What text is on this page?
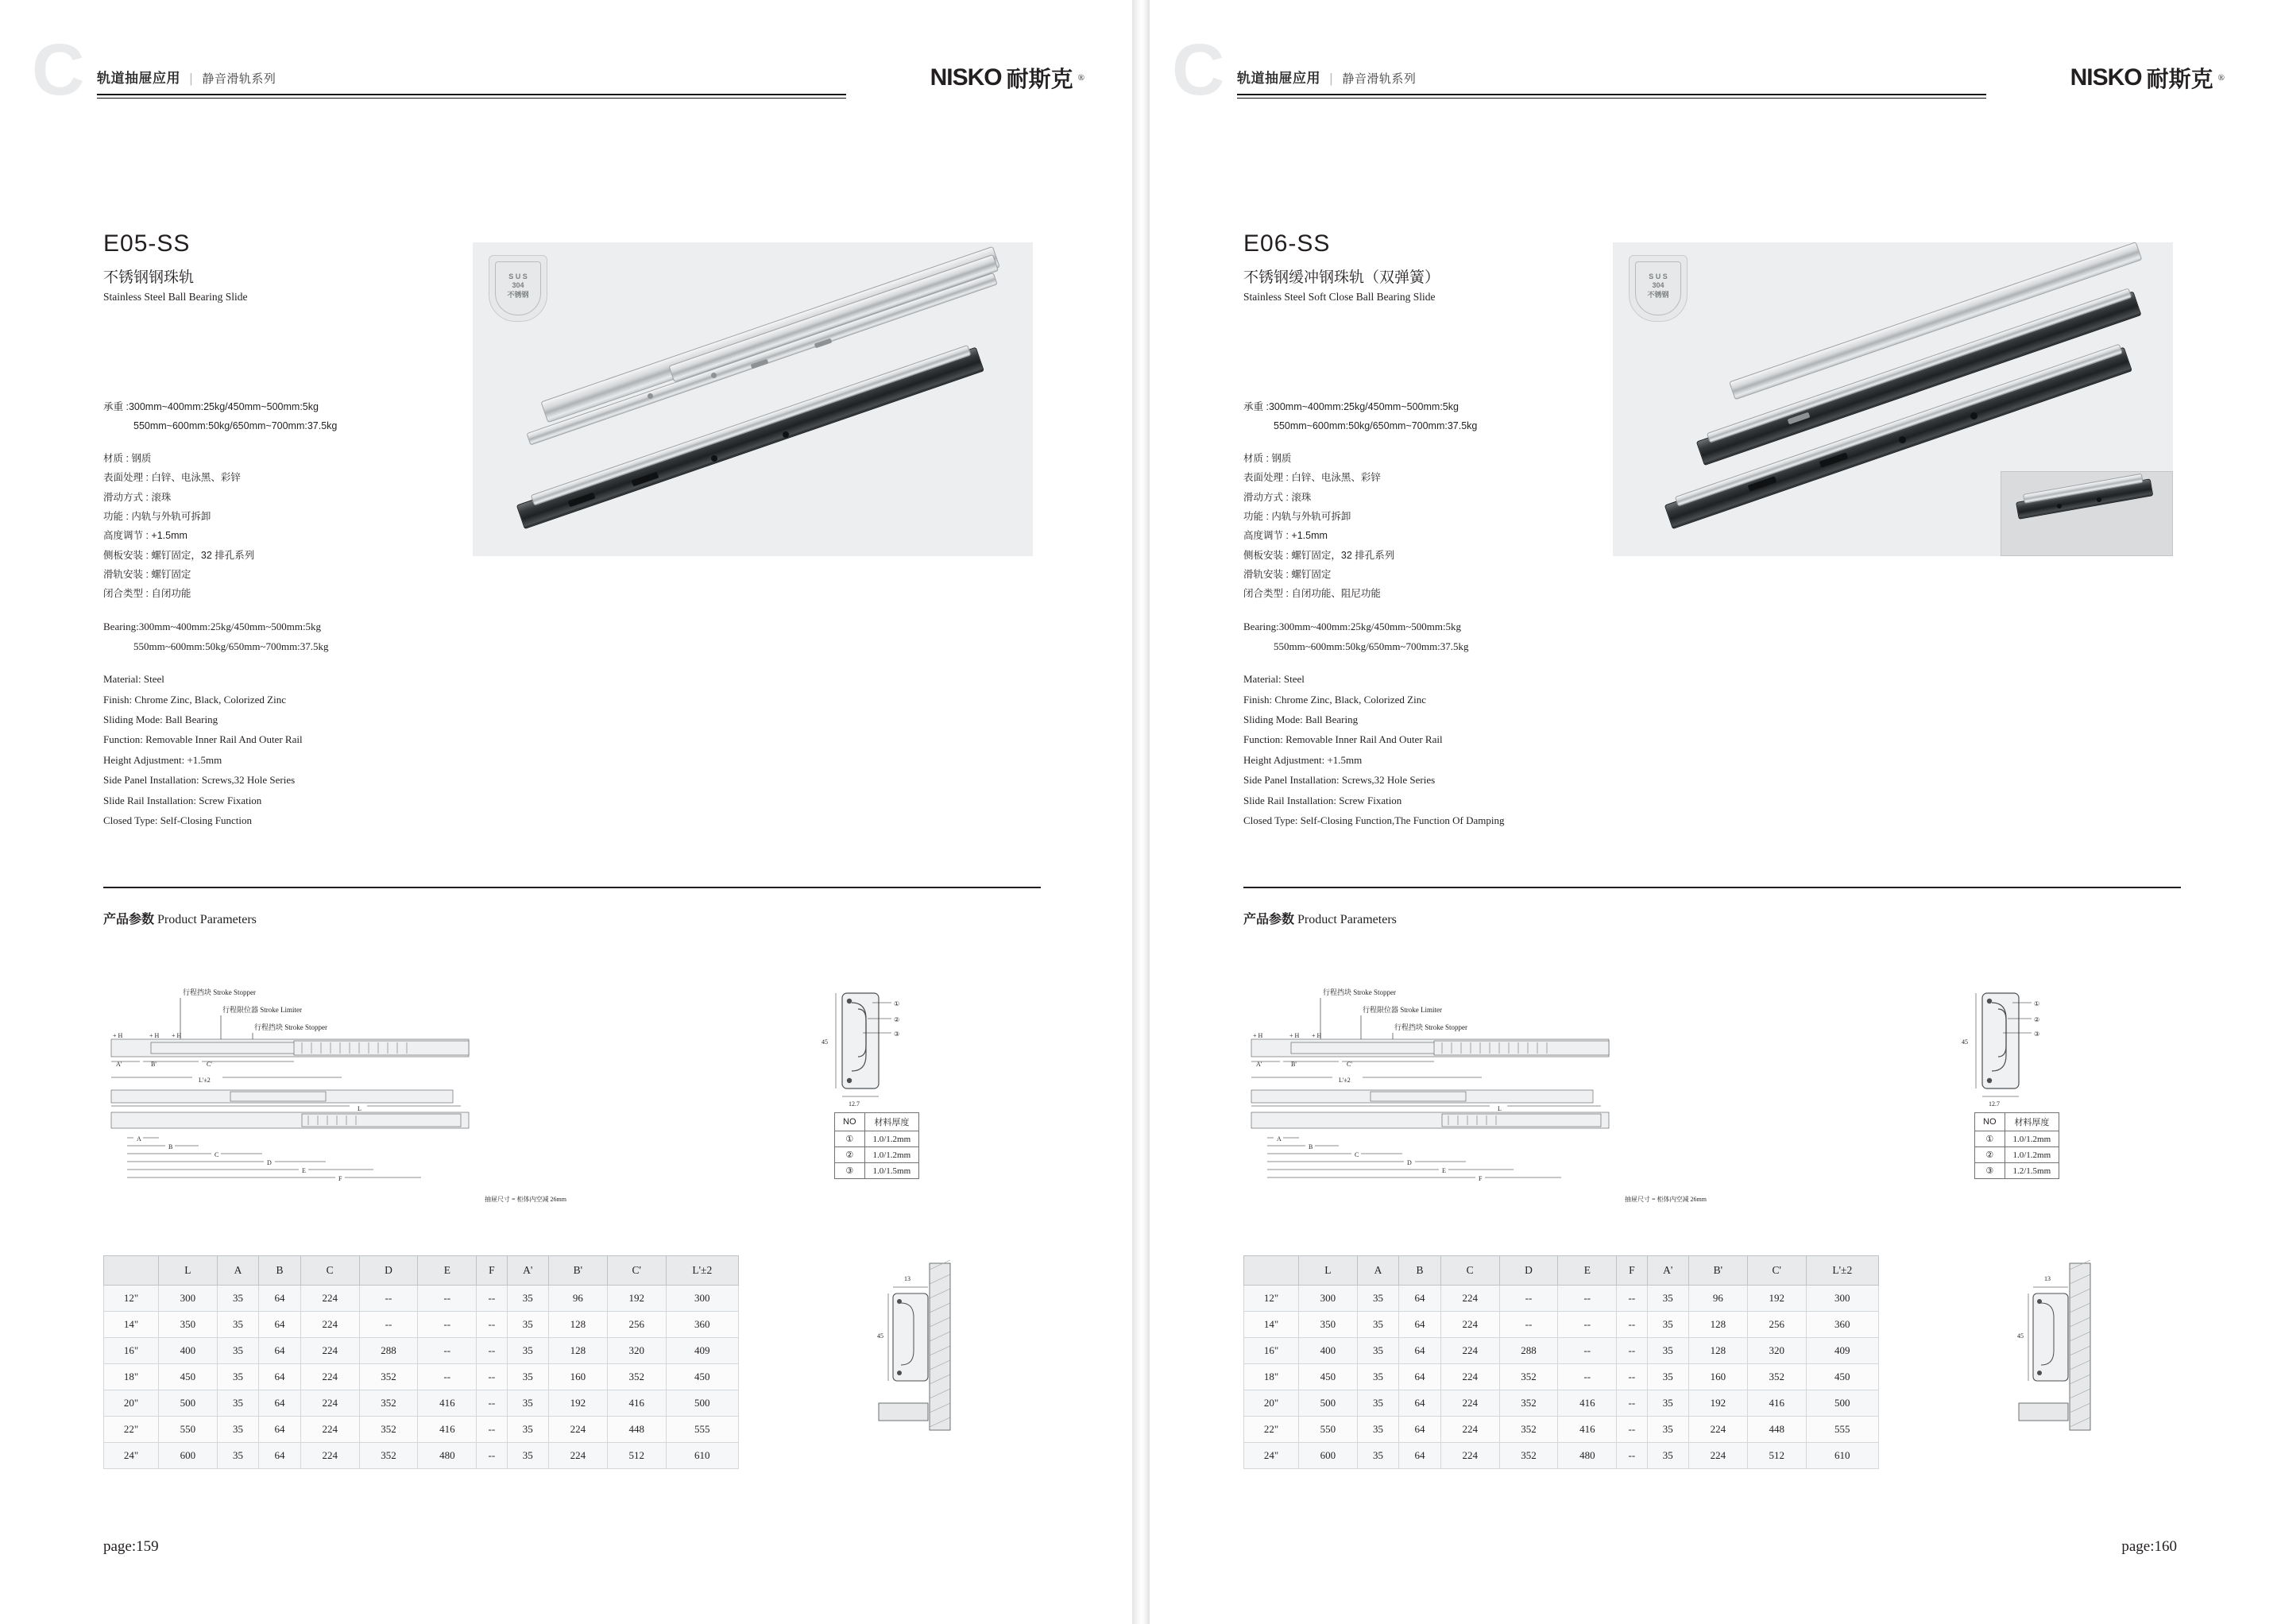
C 轨道抽屉应用 | 静音滑轨系列	NISKO 耐斯克 ®
E05-SS
不锈钢钢珠轨
Stainless Steel Ball Bearing Slide
承重 :300mm~400mm:25kg/450mm~500mm:5kg
550mm~600mm:50kg/650mm~700mm:37.5kg
材质 : 钢质
表面处理 : 白锌、电泳黑、彩锌
滑动方式 : 滚珠
功能 : 内轨与外轨可拆卸
高度调节 : +1.5mm
侧板安装 : 螺钉固定，32 排孔系列
滑轨安装 : 螺钉固定
闭合类型 : 自闭功能
Bearing:300mm~400mm:25kg/450mm~500mm:5kg
550mm~600mm:50kg/650mm~700mm:37.5kg
Material: Steel
Finish: Chrome Zinc, Black, Colorized Zinc
Sliding Mode: Ball Bearing
Function: Removable Inner Rail And Outer Rail
Height Adjustment: +1.5mm
Side Panel Installation: Screws,32 Hole Series
Slide Rail Installation: Screw Fixation
Closed Type: Self-Closing Function
S U S
304
不锈钢
产品参数 Product Parameters
行程挡块 Stroke Stopper
行程限位器 Stroke Limiter
行程挡块 Stroke Stopper
+ H	+ H + H
A'	B'	C'
L'±2
L
A
B
C
D
E
F
抽屉尺寸 = 柜体内空减 26mm
①
②
③
45
12.7
NO	材料厚度
①	1.0/1.2mm
②	1.0/1.2mm
③	1.0/1.5mm
13
45
	L	A	B	C	D	E	F	A'	B'	C'	L'±2
12"	300	35	64	224	--	--	--	35	96	192	300
14"	350	35	64	224	--	--	--	35	128	256	360
16"	400	35	64	224	288	--	--	35	128	320	409
18"	450	35	64	224	352	--	--	35	160	352	450
20"	500	35	64	224	352	416	--	35	192	416	500
22"	550	35	64	224	352	416	--	35	224	448	555
24"	600	35	64	224	352	480	--	35	224	512	610
page:159
C 轨道抽屉应用 | 静音滑轨系列	NISKO 耐斯克 ®
E06-SS
不锈钢缓冲钢珠轨（双弹簧）
Stainless Steel Soft Close Ball Bearing Slide
承重 :300mm~400mm:25kg/450mm~500mm:5kg
550mm~600mm:50kg/650mm~700mm:37.5kg
材质 : 钢质
表面处理 : 白锌、电泳黑、彩锌
滑动方式 : 滚珠
功能 : 内轨与外轨可拆卸
高度调节 : +1.5mm
侧板安装 : 螺钉固定，32 排孔系列
滑轨安装 : 螺钉固定
闭合类型 : 自闭功能、阻尼功能
Bearing:300mm~400mm:25kg/450mm~500mm:5kg
550mm~600mm:50kg/650mm~700mm:37.5kg
Material: Steel
Finish: Chrome Zinc, Black, Colorized Zinc
Sliding Mode: Ball Bearing
Function: Removable Inner Rail And Outer Rail
Height Adjustment: +1.5mm
Side Panel Installation: Screws,32 Hole Series
Slide Rail Installation: Screw Fixation
Closed Type: Self-Closing Function,The Function Of Damping
S U S
304
不锈钢
产品参数 Product Parameters
行程挡块 Stroke Stopper
行程限位器 Stroke Limiter
行程挡块 Stroke Stopper
+ H	+ H + H
A'	B'	C'
L'±2
L
A
B
C
D
E
F
抽屉尺寸 = 柜体内空减 26mm
①
②
③
45
12.7
NO	材料厚度
①	1.0/1.2mm
②	1.0/1.2mm
③	1.2/1.5mm
13
45
	L	A	B	C	D	E	F	A'	B'	C'	L'±2
12"	300	35	64	224	--	--	--	35	96	192	300
14"	350	35	64	224	--	--	--	35	128	256	360
16"	400	35	64	224	288	--	--	35	128	320	409
18"	450	35	64	224	352	--	--	35	160	352	450
20"	500	35	64	224	352	416	--	35	192	416	500
22"	550	35	64	224	352	416	--	35	224	448	555
24"	600	35	64	224	352	480	--	35	224	512	610
page:160
